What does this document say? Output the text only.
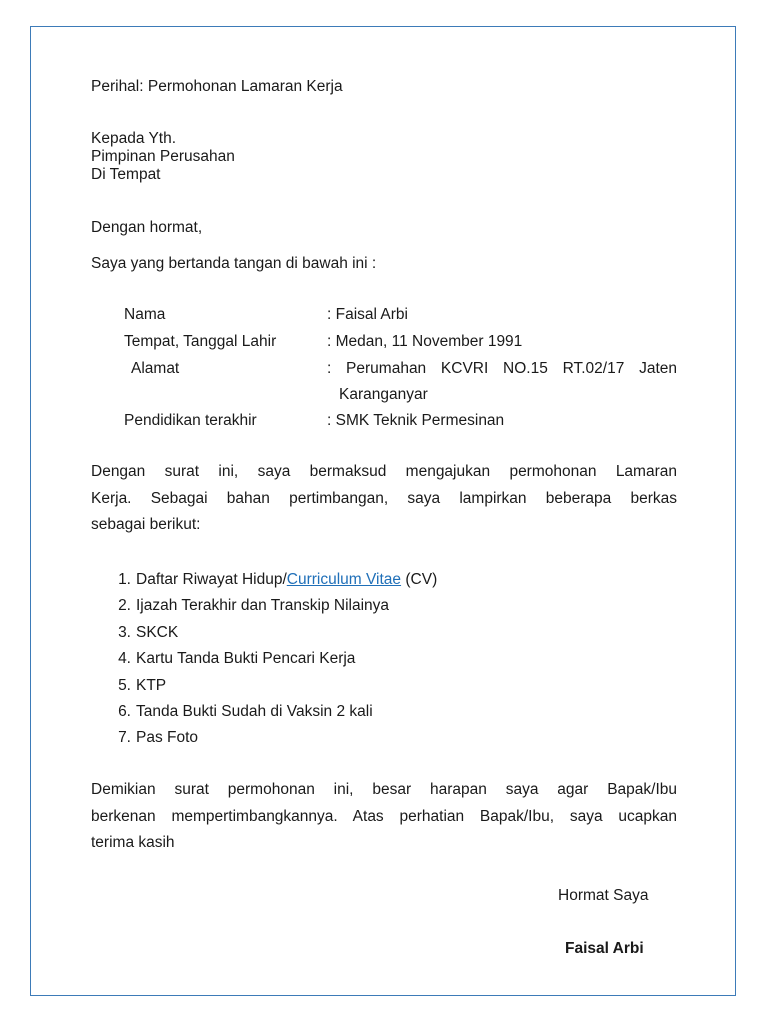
Perihal: Permohonan Lamaran Kerja
Kepada Yth.
Pimpinan Perusahan
Di Tempat
Dengan hormat,
Saya yang bertanda tangan di bawah ini :
Nama	: Faisal Arbi
Tempat, Tanggal Lahir	: Medan, 11 November 1991
Alamat	: Perumahan KCVRI NO.15 RT.02/17 Jaten
Karanganyar
Pendidikan terakhir	: SMK Teknik Permesinan
Dengan surat ini, saya bermaksud mengajukan permohonan Lamaran
Kerja. Sebagai bahan pertimbangan, saya lampirkan beberapa berkas
sebagai berikut:
1. Daftar Riwayat Hidup/Curriculum Vitae (CV)
2. Ijazah Terakhir dan Transkip Nilainya
3. SKCK
4. Kartu Tanda Bukti Pencari Kerja
5. KTP
6. Tanda Bukti Sudah di Vaksin 2 kali
7. Pas Foto
Demikian surat permohonan ini, besar harapan saya agar Bapak/Ibu
berkenan mempertimbangkannya. Atas perhatian Bapak/Ibu, saya ucapkan
terima kasih
Hormat Saya
Faisal Arbi
